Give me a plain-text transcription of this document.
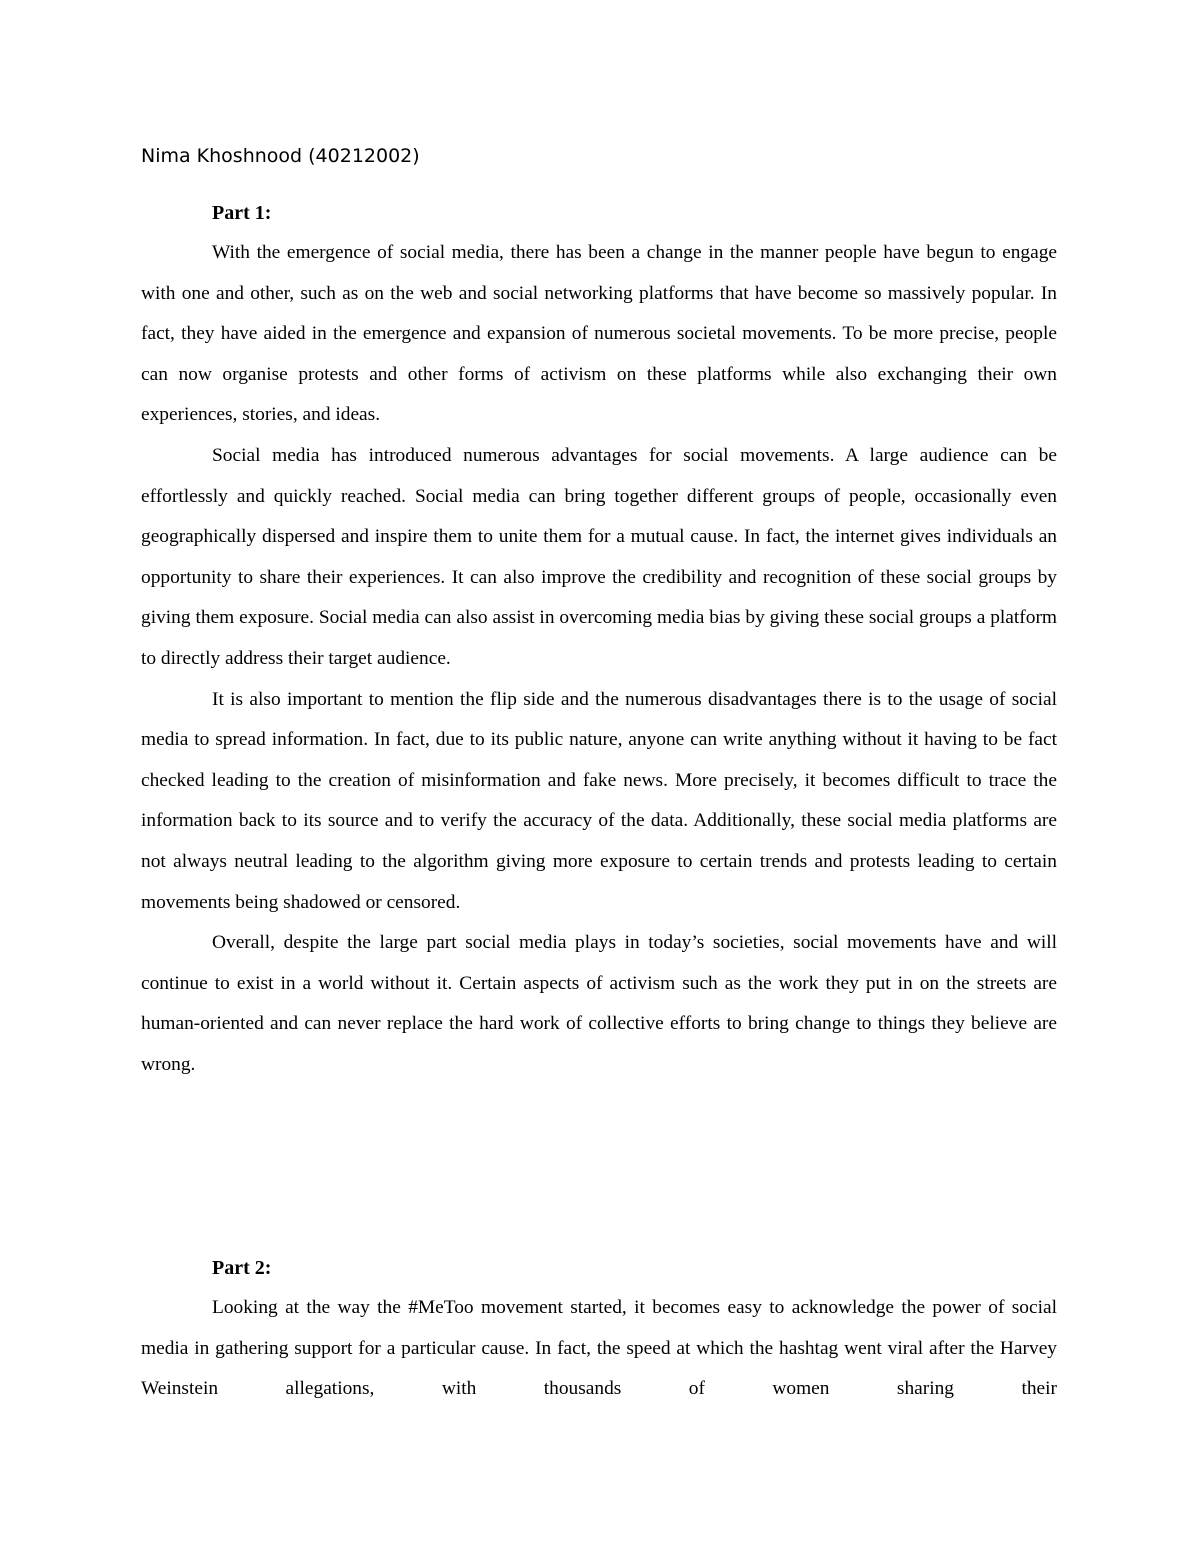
Nima Khoshnood (40212002)
Part 1:

With the emergence of social media, there has been a change in the manner people have begun to engage with one and other, such as on the web and social networking platforms that have become so massively popular. In fact, they have aided in the emergence and expansion of numerous societal movements. To be more precise, people can now organise protests and other forms of activism on these platforms while also exchanging their own experiences, stories, and ideas.

Social media has introduced numerous advantages for social movements. A large audience can be effortlessly and quickly reached. Social media can bring together different groups of people, occasionally even geographically dispersed and inspire them to unite them for a mutual cause. In fact, the internet gives individuals an opportunity to share their experiences. It can also improve the credibility and recognition of these social groups by giving them exposure. Social media can also assist in overcoming media bias by giving these social groups a platform to directly address their target audience.

It is also important to mention the flip side and the numerous disadvantages there is to the usage of social media to spread information. In fact, due to its public nature, anyone can write anything without it having to be fact checked leading to the creation of misinformation and fake news. More precisely, it becomes difficult to trace the information back to its source and to verify the accuracy of the data. Additionally, these social media platforms are not always neutral leading to the algorithm giving more exposure to certain trends and protests leading to certain movements being shadowed or censored.

Overall, despite the large part social media plays in today’s societies, social movements have and will continue to exist in a world without it. Certain aspects of activism such as the work they put in on the streets are human-oriented and can never replace the hard work of collective efforts to bring change to things they believe are wrong.

Part 2:

Looking at the way the #MeToo movement started, it becomes easy to acknowledge the power of social media in gathering support for a particular cause. In fact, the speed at which the hashtag went viral after the Harvey Weinstein allegations, with thousands of women sharing their
